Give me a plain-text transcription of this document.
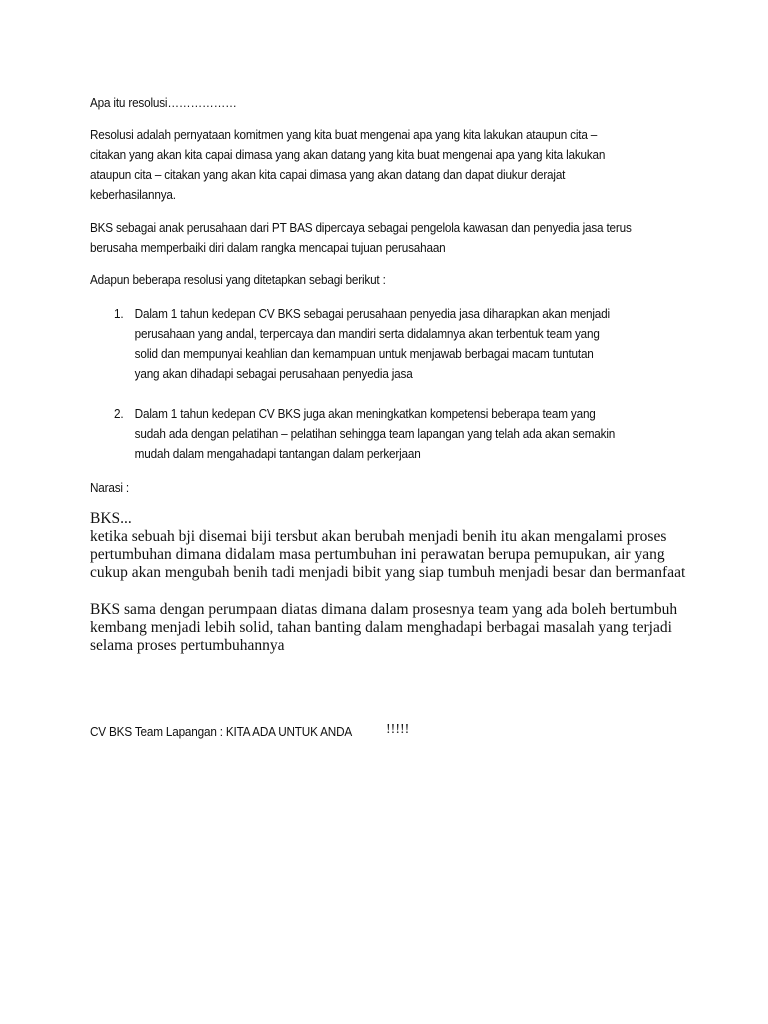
Apa itu resolusi………………
Resolusi adalah pernyataan komitmen yang kita buat mengenai apa yang kita lakukan ataupun cita –
citakan yang akan kita capai dimasa yang akan datang yang kita buat mengenai apa yang kita lakukan
ataupun cita – citakan yang akan kita capai dimasa yang akan datang dan dapat diukur derajat
keberhasilannya.
BKS sebagai anak perusahaan dari PT BAS dipercaya sebagai pengelola kawasan dan penyedia jasa terus
berusaha memperbaiki diri dalam rangka mencapai tujuan perusahaan
Adapun beberapa resolusi yang ditetapkan sebagi berikut :
1. Dalam 1 tahun kedepan CV BKS sebagai perusahaan penyedia jasa diharapkan akan menjadi
perusahaan yang andal, terpercaya dan mandiri serta didalamnya akan terbentuk team yang
solid dan mempunyai keahlian dan kemampuan untuk menjawab berbagai macam tuntutan
yang akan dihadapi sebagai perusahaan penyedia jasa
2. Dalam 1 tahun kedepan CV BKS juga akan meningkatkan kompetensi beberapa team yang
sudah ada dengan pelatihan – pelatihan sehingga team lapangan yang telah ada akan semakin
mudah dalam mengahadapi tantangan dalam perkerjaan
Narasi :
BKS...
ketika sebuah bji disemai biji tersbut akan berubah menjadi benih itu akan mengalami proses
pertumbuhan dimana didalam masa pertumbuhan ini perawatan berupa pemupukan, air yang
cukup akan mengubah benih tadi menjadi bibit yang siap tumbuh menjadi besar dan bermanfaat
BKS sama dengan perumpaan diatas dimana dalam prosesnya team yang ada boleh bertumbuh
kembang menjadi lebih solid, tahan banting dalam menghadapi berbagai masalah yang terjadi
selama proses pertumbuhannya
CV BKS Team Lapangan : KITA ADA UNTUK ANDA !!!!!
